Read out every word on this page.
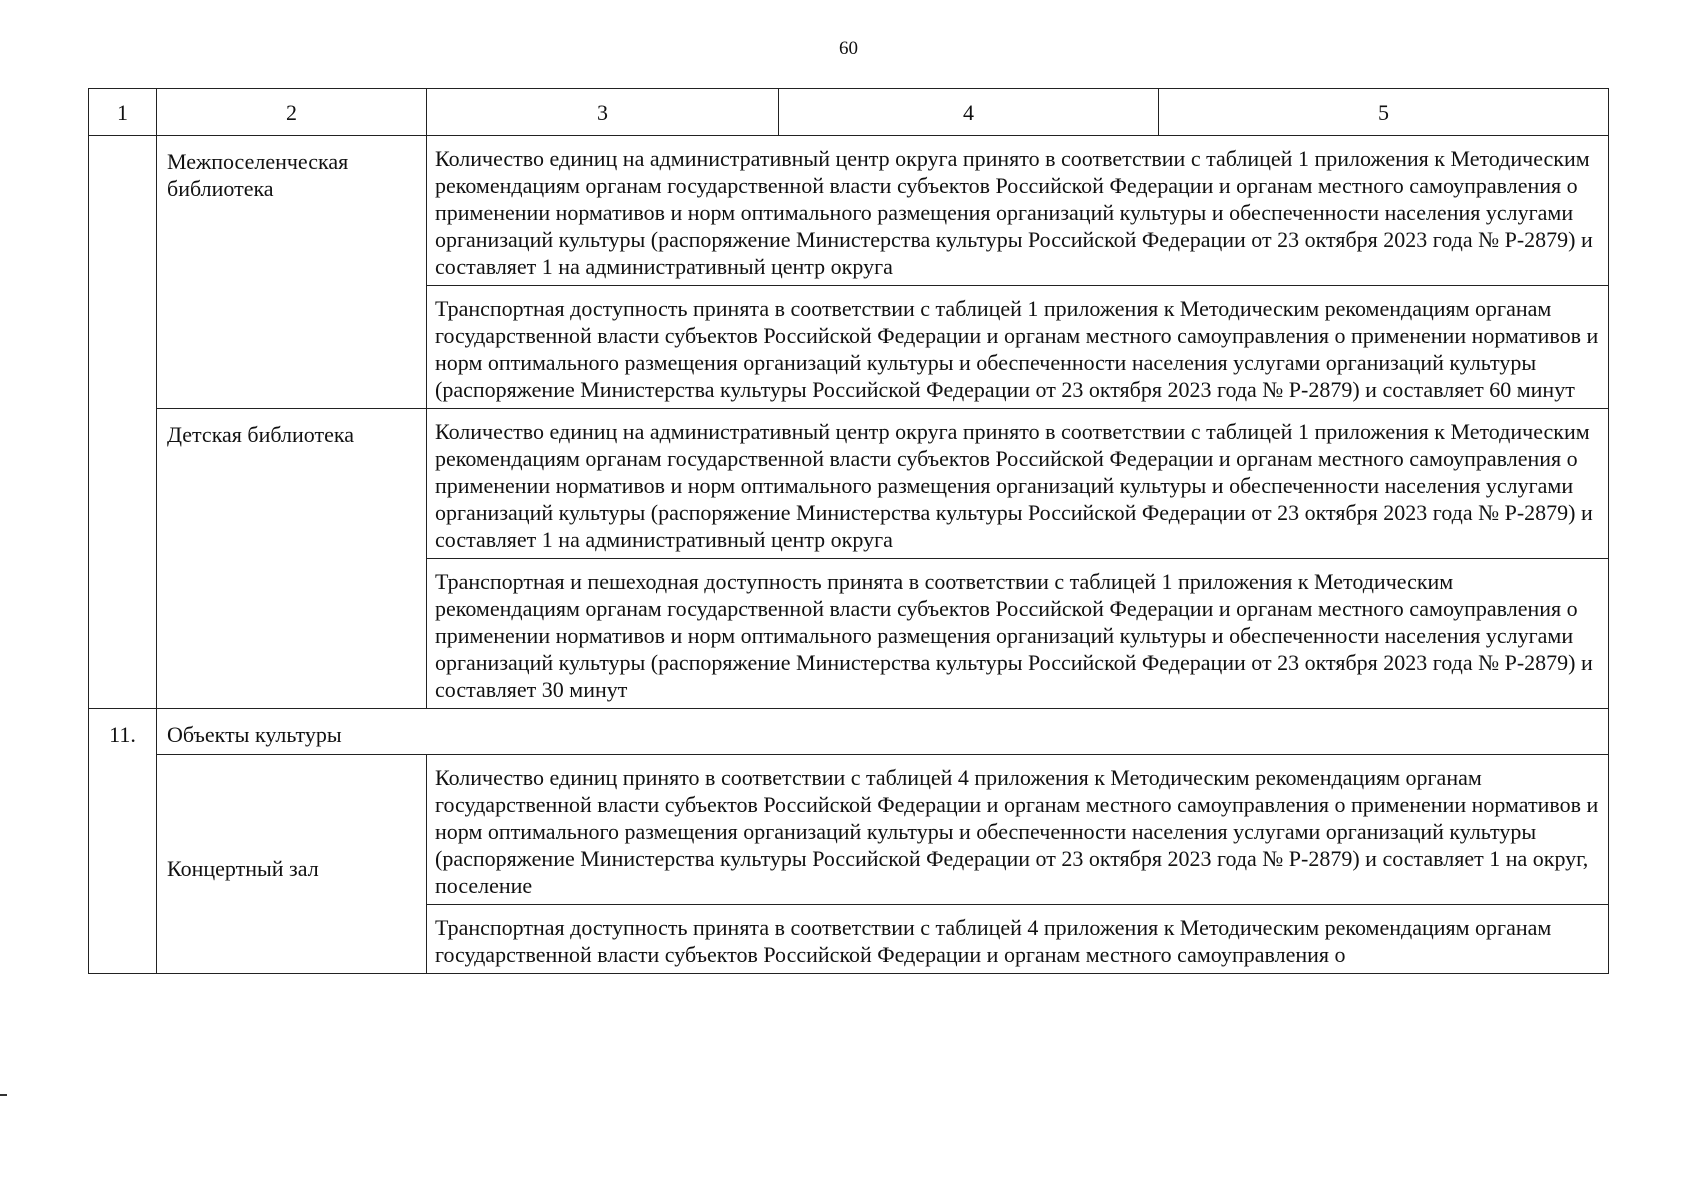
60
1	2	3	4	5
	Межпоселенческая библиотека	Количество единиц на административный центр округа принято в соответствии с таблицей 1 приложения к Методическим рекомендациям органам государственной власти субъектов Российской Федерации и органам местного самоуправления о применении нормативов и норм оптимального размещения организаций культуры и обеспеченности населения услугами организаций культуры (распоряжение Министерства культуры Российской Федерации от 23 октября 2023 года № Р-2879) и составляет 1 на административный центр округа		
		Транспортная доступность принята в соответствии с таблицей 1 приложения к Методическим рекомендациям органам государственной власти субъектов Российской Федерации и органам местного самоуправления о применении нормативов и норм оптимального размещения организаций культуры и обеспеченности населения услугами организаций культуры (распоряжение Министерства культуры Российской Федерации от 23 октября 2023 года № Р-2879) и составляет 60 минут		
	Детская библиотека	Количество единиц на административный центр округа принято в соответствии с таблицей 1 приложения к Методическим рекомендациям органам государственной власти субъектов Российской Федерации и органам местного самоуправления о применении нормативов и норм оптимального размещения организаций культуры и обеспеченности населения услугами организаций культуры (распоряжение Министерства культуры Российской Федерации от 23 октября 2023 года № Р-2879) и составляет 1 на административный центр округа		
		Транспортная и пешеходная доступность принята в соответствии с таблицей 1 приложения к Методическим рекомендациям органам государственной власти субъектов Российской Федерации и органам местного самоуправления о применении нормативов и норм оптимального размещения организаций культуры и обеспеченности населения услугами организаций культуры (распоряжение Министерства культуры Российской Федерации от 23 октября 2023 года № Р-2879) и составляет 30 минут		
11.	Объекты культуры			
	Концертный зал	Количество единиц принято в соответствии с таблицей 4 приложения к Методическим рекомендациям органам государственной власти субъектов Российской Федерации и органам местного самоуправления о применении нормативов и норм оптимального размещения организаций культуры и обеспеченности населения услугами организаций культуры (распоряжение Министерства культуры Российской Федерации от 23 октября 2023 года № Р-2879) и составляет 1 на округ, поселение		
		Транспортная доступность принята в соответствии с таблицей 4 приложения к Методическим рекомендациям органам государственной власти субъектов Российской Федерации и органам местного самоуправления о		
